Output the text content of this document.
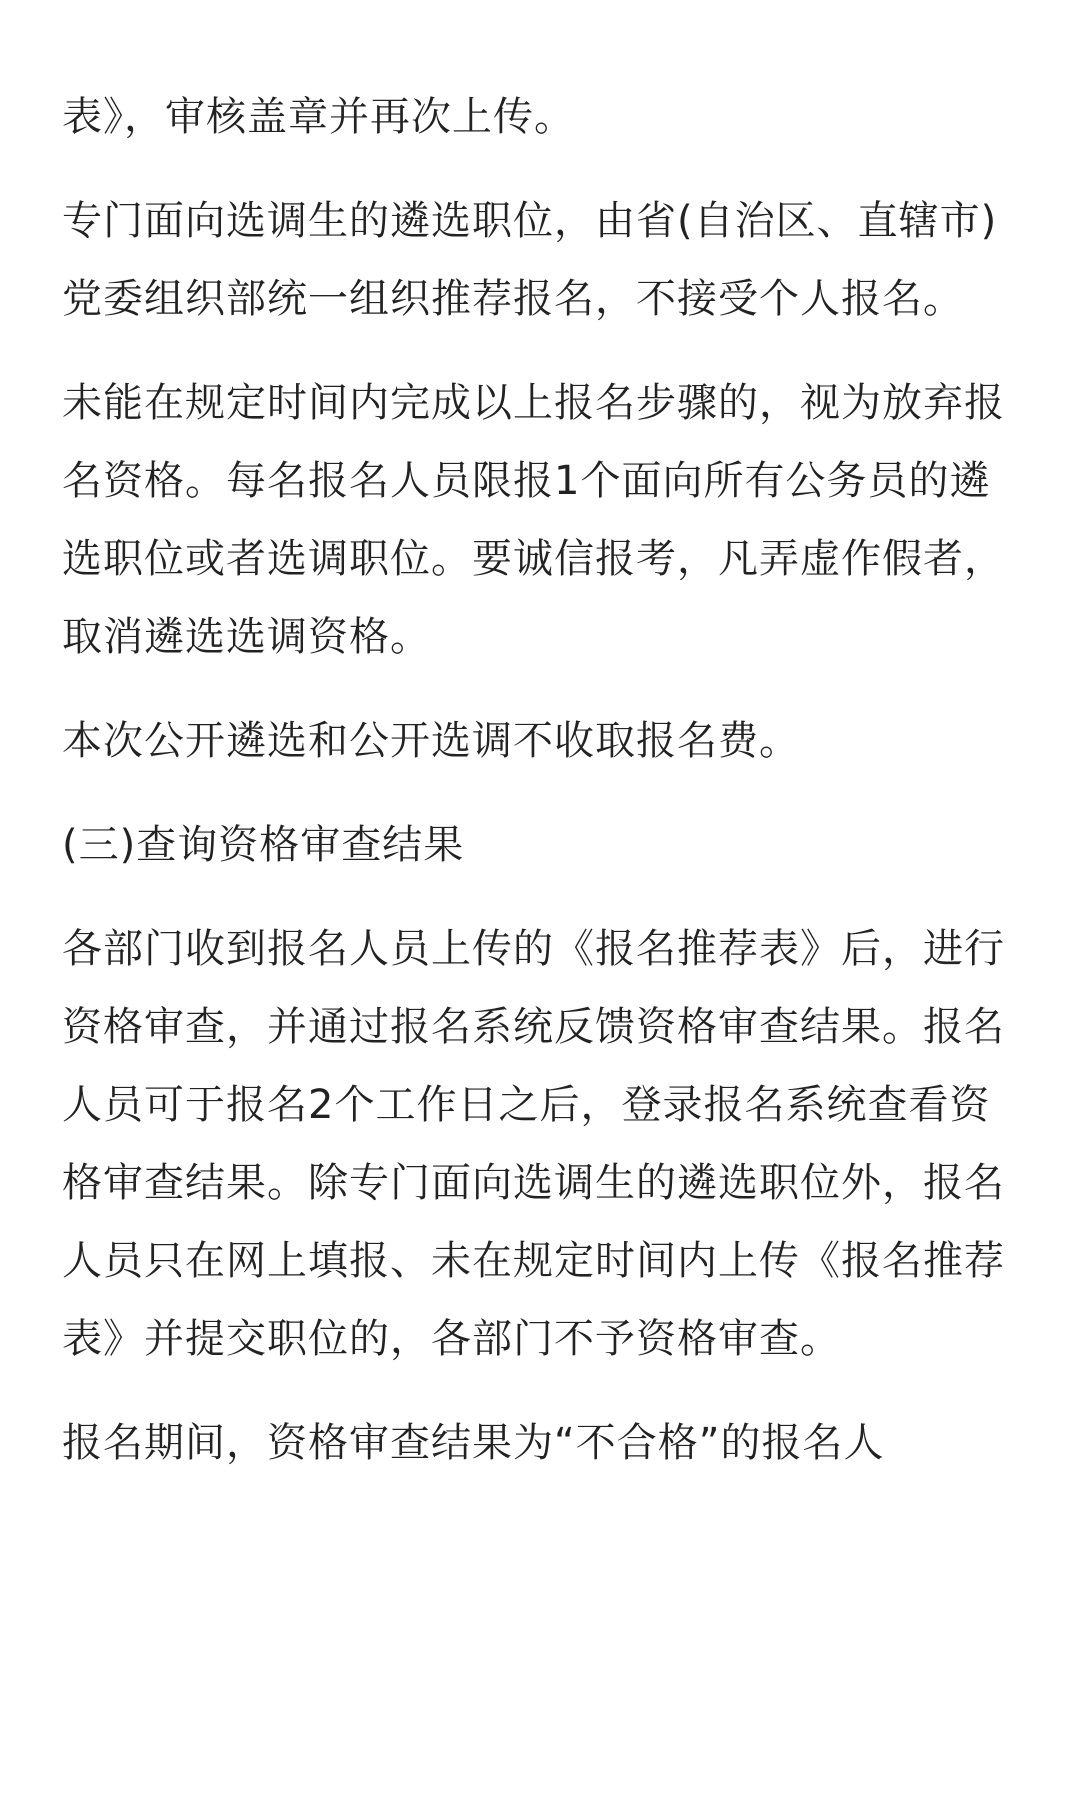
表》，审核盖章并再次上传。

专门面向选调生的遴选职位，由省(自治区、直辖市)党委组织部统一组织推荐报名，不接受个人报名。

未能在规定时间内完成以上报名步骤的，视为放弃报名资格。每名报名人员限报1个面向所有公务员的遴选职位或者选调职位。要诚信报考，凡弄虚作假者，取消遴选选调资格。

本次公开遴选和公开选调不收取报名费。

(三)查询资格审查结果

各部门收到报名人员上传的《报名推荐表》后，进行资格审查，并通过报名系统反馈资格审查结果。报名人员可于报名2个工作日之后，登录报名系统查看资格审查结果。除专门面向选调生的遴选职位外，报名人员只在网上填报、未在规定时间内上传《报名推荐表》并提交职位的，各部门不予资格审查。

报名期间，资格审查结果为“不合格”的报名人
